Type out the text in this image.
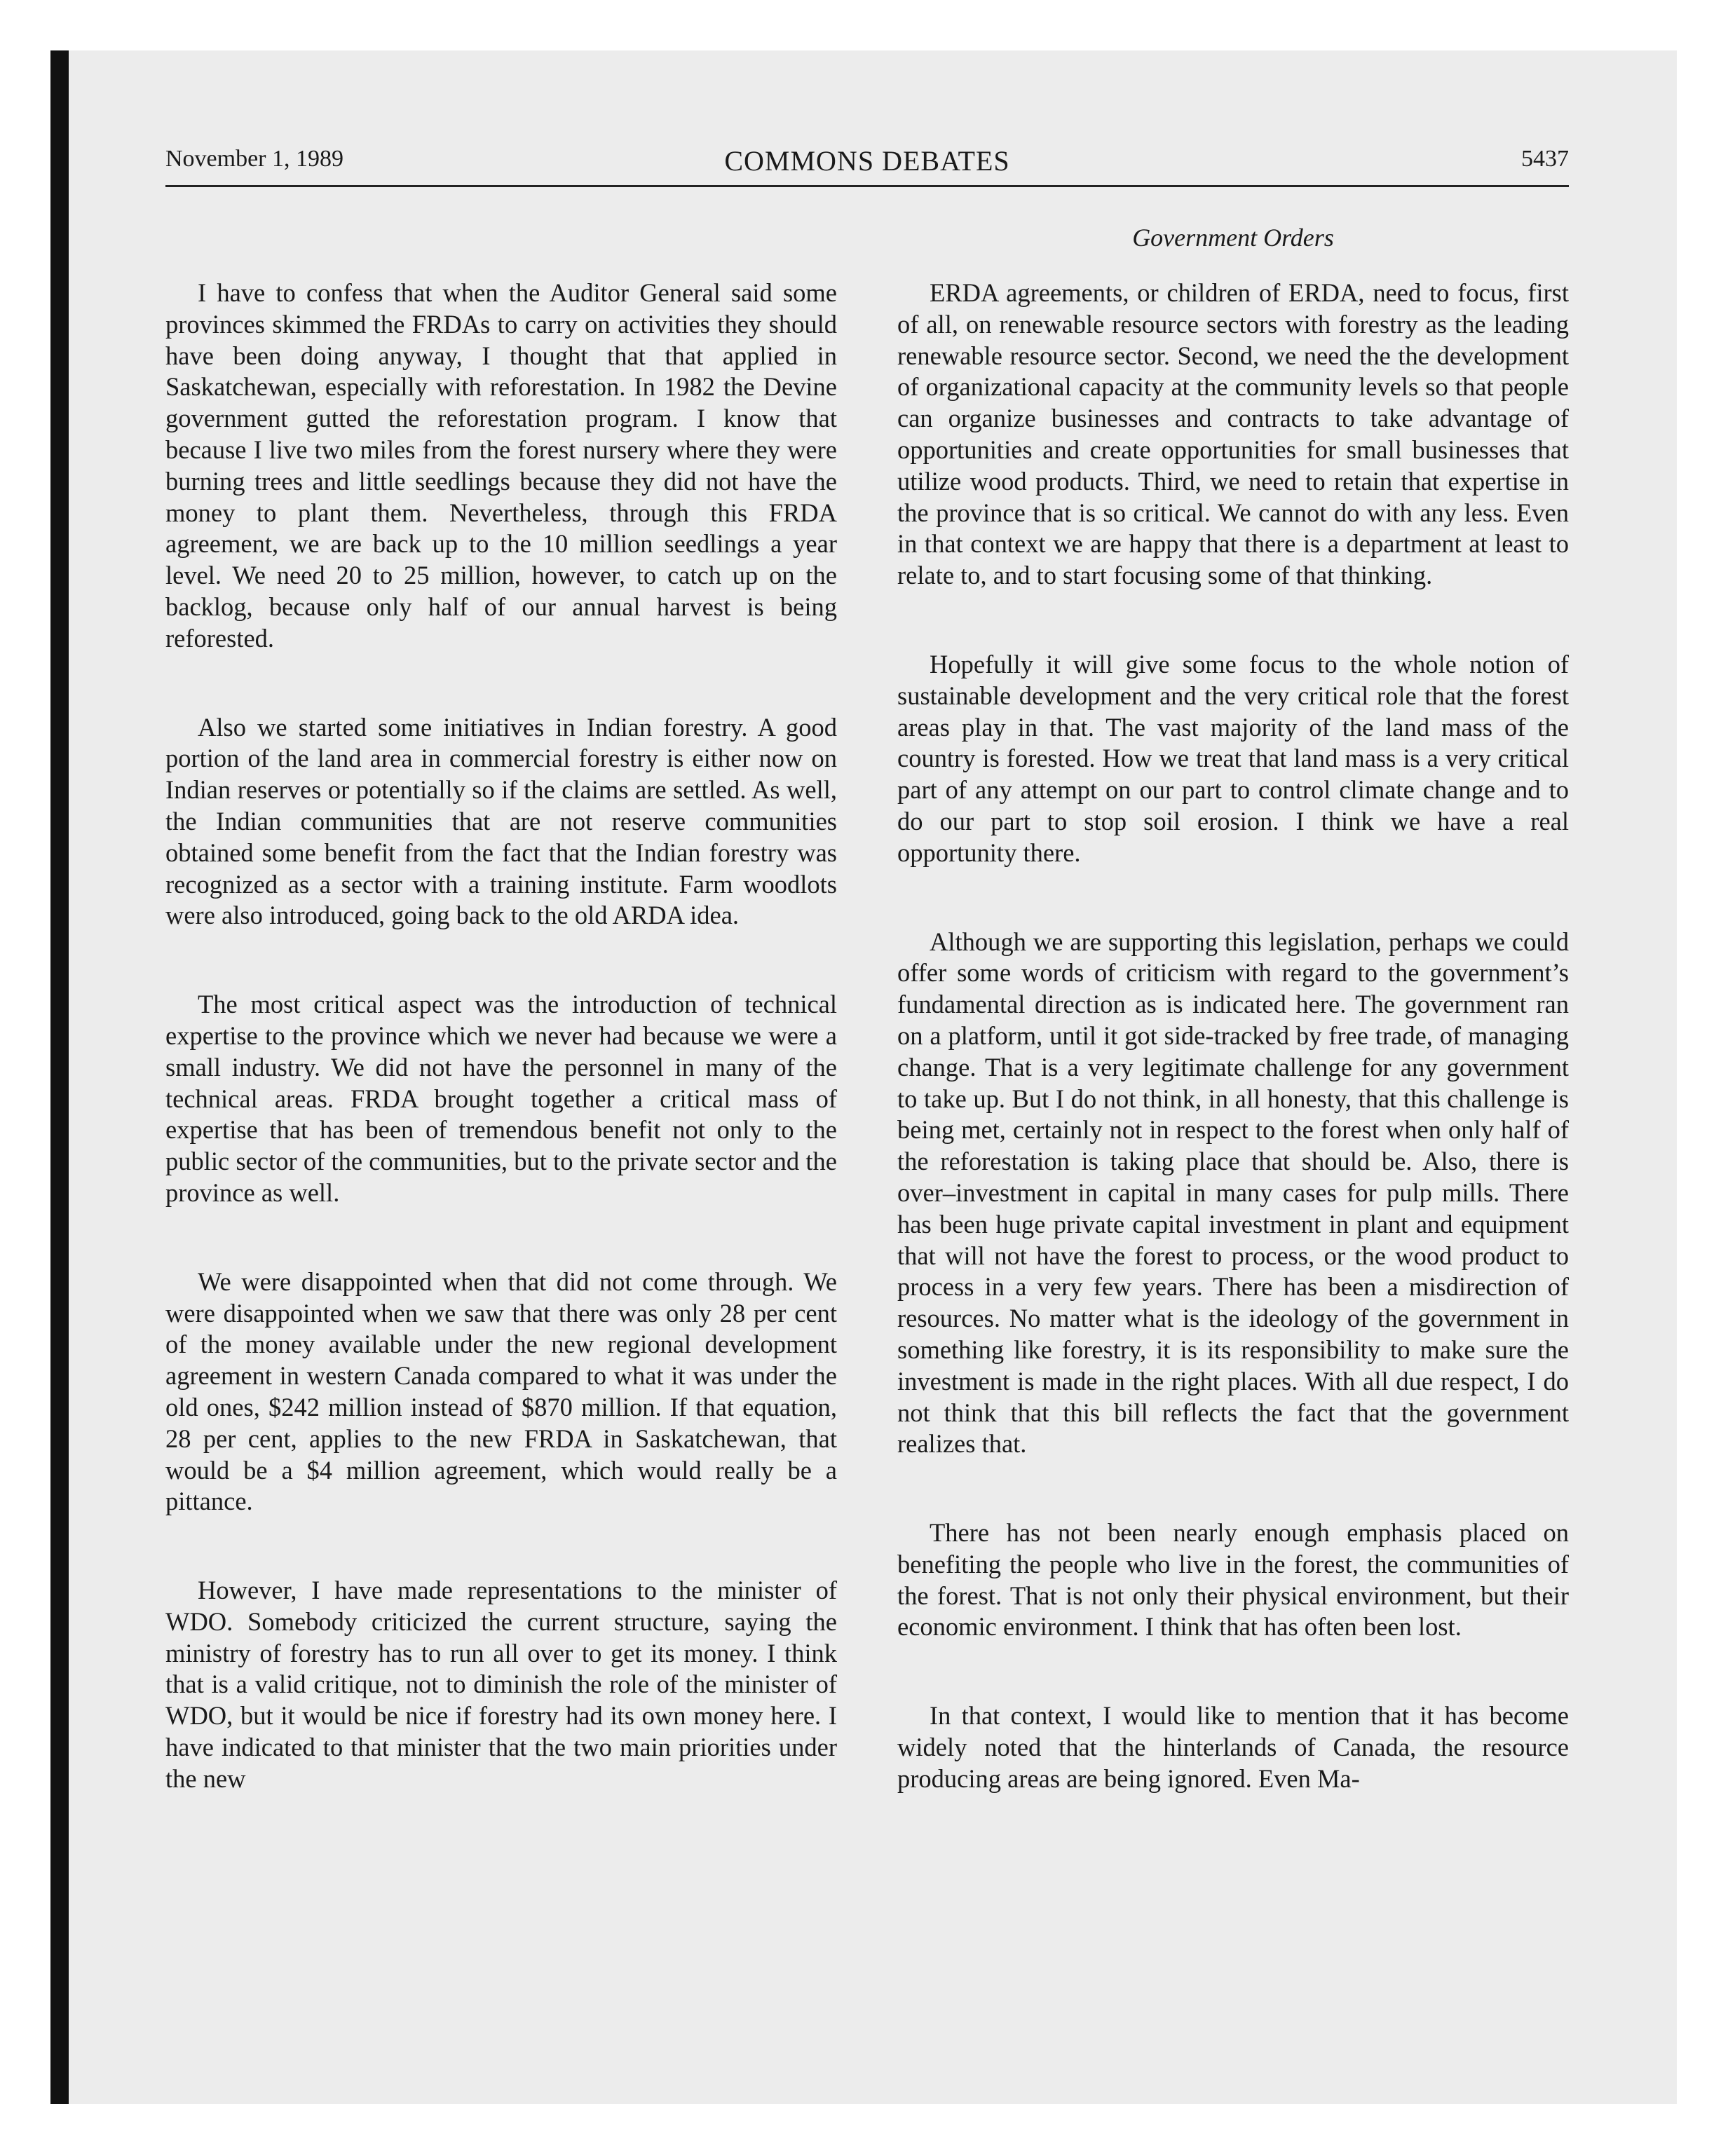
November 1, 1989	COMMONS DEBATES	5437
Government Orders

I have to confess that when the Auditor General said some provinces skimmed the FRDAs to carry on activities they should have been doing anyway, I thought that that applied in Saskatchewan, especially with reforestation. In 1982 the Devine government gutted the reforestation program. I know that because I live two miles from the forest nursery where they were burning trees and little seedlings because they did not have the money to plant them. Nevertheless, through this FRDA agreement, we are back up to the 10 million seedlings a year level. We need 20 to 25 million, however, to catch up on the backlog, because only half of our annual harvest is being reforested.

Also we started some initiatives in Indian forestry. A good portion of the land area in commercial forestry is either now on Indian reserves or potentially so if the claims are settled. As well, the Indian communities that are not reserve communities obtained some benefit from the fact that the Indian forestry was recognized as a sector with a training institute. Farm woodlots were also introduced, going back to the old ARDA idea.

The most critical aspect was the introduction of technical expertise to the province which we never had because we were a small industry. We did not have the personnel in many of the technical areas. FRDA brought together a critical mass of expertise that has been of tremendous benefit not only to the public sector of the communities, but to the private sector and the province as well.

We were disappointed when that did not come through. We were disappointed when we saw that there was only 28 per cent of the money available under the new regional development agreement in western Canada compared to what it was under the old ones, $242 million instead of $870 million. If that equation, 28 per cent, applies to the new FRDA in Saskatchewan, that would be a $4 million agreement, which would really be a pittance.

However, I have made representations to the minister of WDO. Somebody criticized the current structure, saying the ministry of forestry has to run all over to get its money. I think that is a valid critique, not to diminish the role of the minister of WDO, but it would be nice if forestry had its own money here. I have indicated to that minister that the two main priorities under the new

ERDA agreements, or children of ERDA, need to focus, first of all, on renewable resource sectors with forestry as the leading renewable resource sector. Second, we need the the development of organizational capacity at the community levels so that people can organize businesses and contracts to take advantage of opportunities and create opportunities for small businesses that utilize wood products. Third, we need to retain that expertise in the province that is so critical. We cannot do with any less. Even in that context we are happy that there is a department at least to relate to, and to start focusing some of that thinking.

Hopefully it will give some focus to the whole notion of sustainable development and the very critical role that the forest areas play in that. The vast majority of the land mass of the country is forested. How we treat that land mass is a very critical part of any attempt on our part to control climate change and to do our part to stop soil erosion. I think we have a real opportunity there.

Although we are supporting this legislation, perhaps we could offer some words of criticism with regard to the government’s fundamental direction as is indicated here. The government ran on a platform, until it got side-tracked by free trade, of managing change. That is a very legitimate challenge for any government to take up. But I do not think, in all honesty, that this challenge is being met, certainly not in respect to the forest when only half of the reforestation is taking place that should be. Also, there is over–investment in capital in many cases for pulp mills. There has been huge private capital investment in plant and equipment that will not have the forest to process, or the wood product to process in a very few years. There has been a misdirection of resources. No matter what is the ideology of the government in something like forestry, it is its responsibility to make sure the investment is made in the right places. With all due respect, I do not think that this bill reflects the fact that the government realizes that.

There has not been nearly enough emphasis placed on benefiting the people who live in the forest, the communities of the forest. That is not only their physical environment, but their economic environment. I think that has often been lost.

In that context, I would like to mention that it has become widely noted that the hinterlands of Canada, the resource producing areas are being ignored. Even Ma-
